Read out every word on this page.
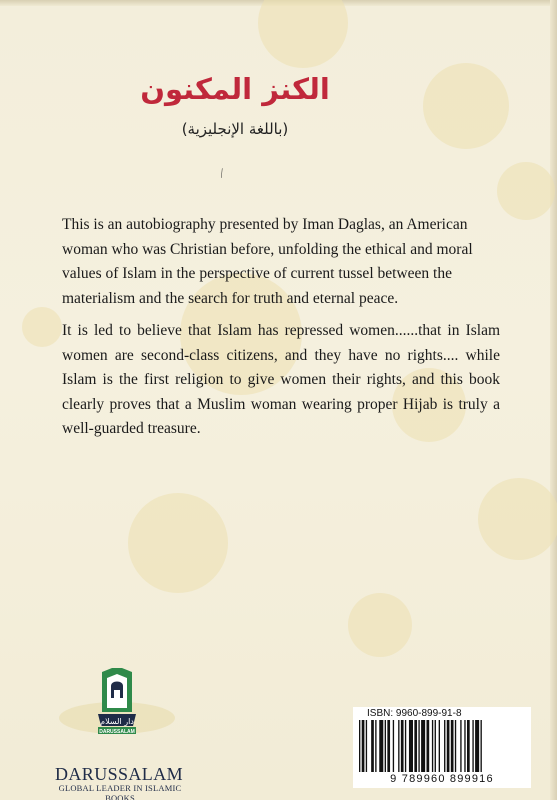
الكنز المكنون
(باللغة الإنجليزية)
⁄

This is an autobiography presented by Iman Daglas, an American woman who was Christian before, unfolding the ethical and moral values of Islam in the perspective of current tussel between the materialism and the search for truth and eternal peace.

It is led to believe that Islam has repressed women......that in Islam women are second-class citizens, and they have no rights.... while Islam is the first religion to give women their rights, and this book clearly proves that a Muslim woman wearing proper Hijab is truly a well-guarded treasure.

دار السلام
DARUSSALAM
DARUSSALAM
GLOBAL LEADER IN ISLAMIC BOOKS
ISBN: 9960-899-91-8
9 789960 899916
